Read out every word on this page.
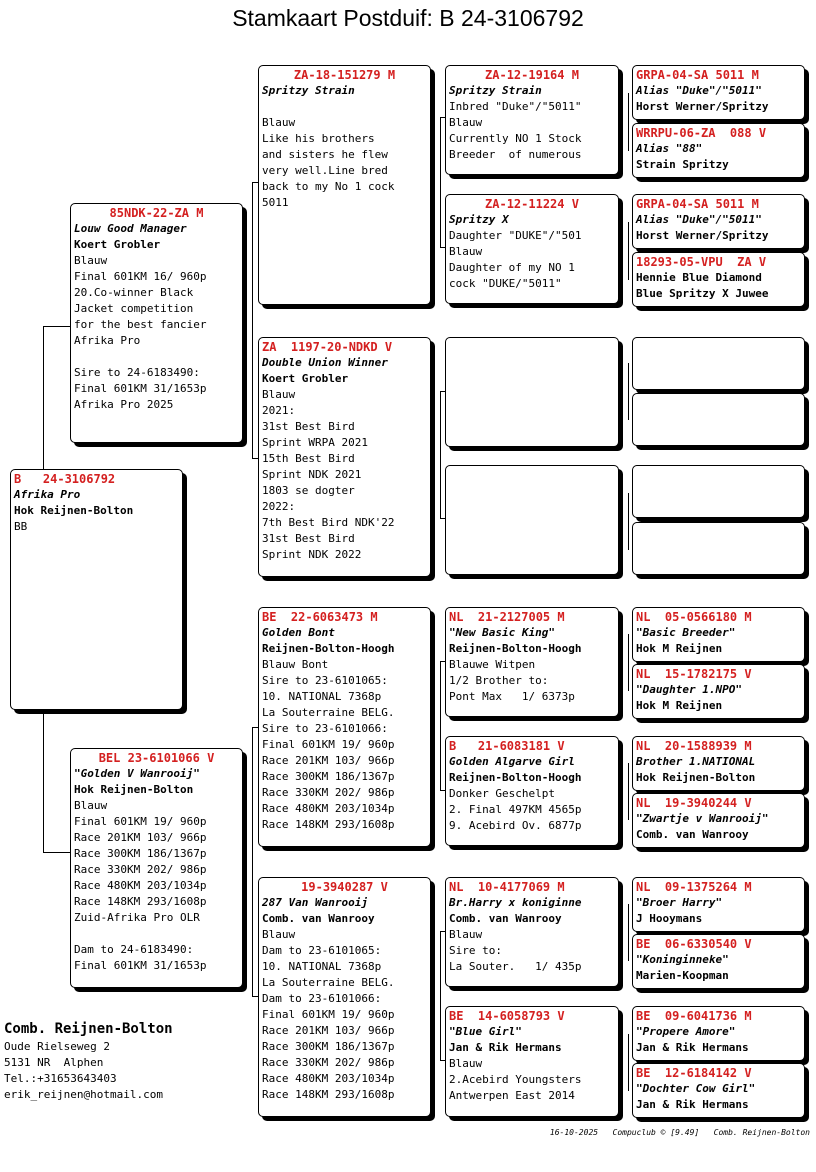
Stamkaart Postduif: B 24-3106792
B   24-3106792
Afrika Pro
Hok Reijnen-Bolton
BB
85NDK-22-ZA M
Louw Good Manager
Koert Grobler
Blauw
Final 601KM 16/ 960p
20.Co-winner Black
Jacket competition
for the best fancier
Afrika Pro

Sire to 24-6183490:
Final 601KM 31/1653p
Afrika Pro 2025
BEL 23-6101066 V
"Golden V Wanrooij"
Hok Reijnen-Bolton
Blauw
Final 601KM 19/ 960p
Race 201KM 103/ 966p
Race 300KM 186/1367p
Race 330KM 202/ 986p
Race 480KM 203/1034p
Race 148KM 293/1608p
Zuid-Afrika Pro OLR

Dam to 24-6183490:
Final 601KM 31/1653p
ZA-18-151279 M
Spritzy Strain

Blauw
Like his brothers
and sisters he flew
very well.Line bred
back to my No 1 cock
5011
ZA  1197-20-NDKD V
Double Union Winner
Koert Grobler
Blauw
2021:
31st Best Bird
Sprint WRPA 2021
15th Best Bird
Sprint NDK 2021
1803 se dogter
2022:
7th Best Bird NDK'22
31st Best Bird
Sprint NDK 2022
BE  22-6063473 M
Golden Bont
Reijnen-Bolton-Hoogh
Blauw Bont
Sire to 23-6101065:
10. NATIONAL 7368p
La Souterraine BELG.
Sire to 23-6101066:
Final 601KM 19/ 960p
Race 201KM 103/ 966p
Race 300KM 186/1367p
Race 330KM 202/ 986p
Race 480KM 203/1034p
Race 148KM 293/1608p
19-3940287 V
287 Van Wanrooij
Comb. van Wanrooy
Blauw
Dam to 23-6101065:
10. NATIONAL 7368p
La Souterraine BELG.
Dam to 23-6101066:
Final 601KM 19/ 960p
Race 201KM 103/ 966p
Race 300KM 186/1367p
Race 330KM 202/ 986p
Race 480KM 203/1034p
Race 148KM 293/1608p
ZA-12-19164 M
Spritzy Strain
Inbred "Duke"/"5011"
Blauw
Currently NO 1 Stock
Breeder  of numerous
ZA-12-11224 V
Spritzy X
Daughter "DUKE"/"501
Blauw
Daughter of my NO 1
cock "DUKE/"5011"
NL  21-2127005 M
"New Basic King"
Reijnen-Bolton-Hoogh
Blauwe Witpen
1/2 Brother to:
Pont Max   1/ 6373p
B   21-6083181 V
Golden Algarve Girl
Reijnen-Bolton-Hoogh
Donker Geschelpt
2. Final 497KM 4565p
9. Acebird Ov. 6877p
NL  10-4177069 M
Br.Harry x koniginne
Comb. van Wanrooy
Blauw
Sire to:
La Souter.   1/ 435p
BE  14-6058793 V
"Blue Girl"
Jan & Rik Hermans
Blauw
2.Acebird Youngsters
Antwerpen East 2014
GRPA-04-SA 5011 M
Alias "Duke"/"5011"
Horst Werner/Spritzy
WRRPU-06-ZA  088 V
Alias "88"
Strain Spritzy
GRPA-04-SA 5011 M
Alias "Duke"/"5011"
Horst Werner/Spritzy
18293-05-VPU  ZA V
Hennie Blue Diamond
Blue Spritzy X Juwee
NL  05-0566180 M
"Basic Breeder"
Hok M Reijnen
NL  15-1782175 V
"Daughter 1.NPO"
Hok M Reijnen
NL  20-1588939 M
Brother 1.NATIONAL
Hok Reijnen-Bolton
NL  19-3940244 V
"Zwartje v Wanrooij"
Comb. van Wanrooy
NL  09-1375264 M
"Broer Harry"
J Hooymans
BE  06-6330540 V
"Koninginneke"
Marien-Koopman
BE  09-6041736 M
"Propere Amore"
Jan & Rik Hermans
BE  12-6184142 V
"Dochter Cow Girl"
Jan & Rik Hermans
Comb. Reijnen-Bolton
Oude Rielseweg 2
5131 NR  Alphen
Tel.:+31653643403
erik_reijnen@hotmail.com
16-10-2025   Compuclub © [9.49]   Comb. Reijnen-Bolton
